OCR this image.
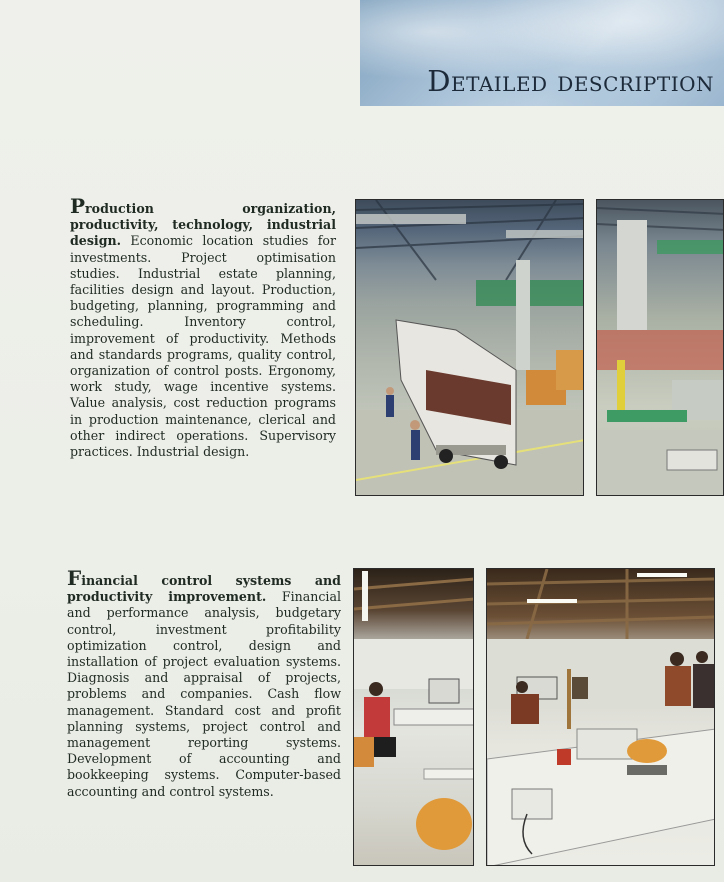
Detailed description
Production organization, productivity, technology, industrial design. Economic location studies for investments. Project optimisation studies. Industrial estate planning, facilities design and layout. Production, budgeting, planning, programming and scheduling. Inventory control, improvement of productivity. Methods and standards programs, quality control, organization of control posts. Ergonomy, work study, wage incentive systems. Value analysis, cost reduction programs in production maintenance, clerical and other indirect operations. Supervisory practices. Industrial design.
Financial control systems and productivity improvement. Financial and performance analysis, budgetary control, investment profitability optimization control, design and installation of project evaluation systems. Diagnosis and appraisal of projects, problems and companies. Cash flow management. Standard cost and profit planning systems, project control and management reporting systems. Development of accounting and bookkeeping systems. Computer-based accounting and control systems.
